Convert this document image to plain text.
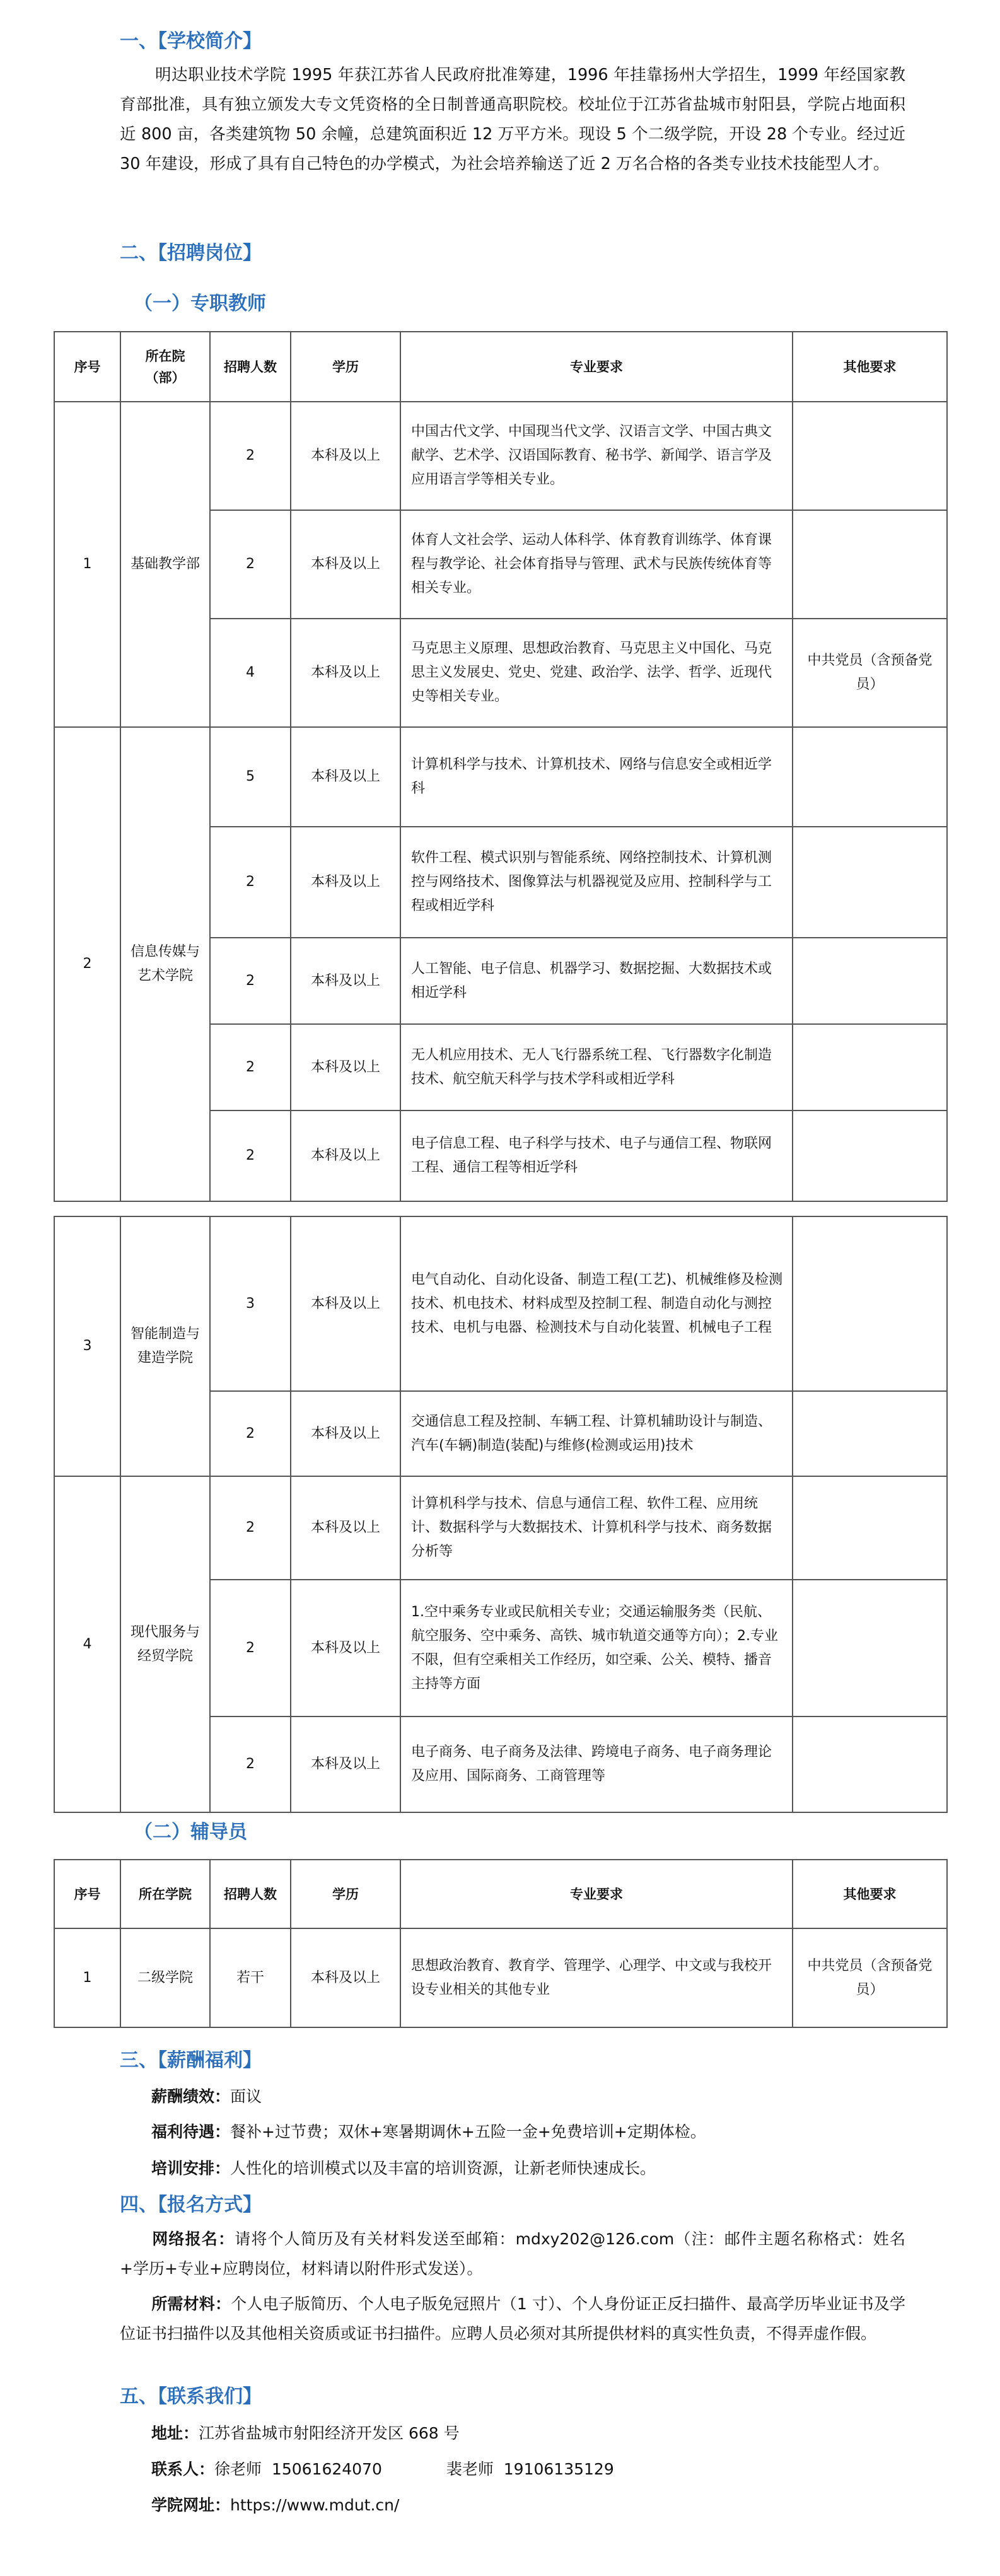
一、【学校简介】

明达职业技术学院 1995 年获江苏省人民政府批准筹建，1996 年挂靠扬州大学招生，1999 年经国家教育部批准，具有独立颁发大专文凭资格的全日制普通高职院校。校址位于江苏省盐城市射阳县，学院占地面积近 800 亩，各类建筑物 50 余幢，总建筑面积近 12 万平方米。现设 5 个二级学院，开设 28 个专业。经过近 30 年建设，形成了具有自己特色的办学模式，为社会培养输送了近 2 万名合格的各类专业技术技能型人才。

二、【招聘岗位】
（一）专职教师
序号	所在院（部）	招聘人数	学历	专业要求	其他要求
1	基础教学部	2	本科及以上	中国古代文学、中国现当代文学、汉语言文学、中国古典文献学、艺术学、汉语国际教育、秘书学、新闻学、语言学及应用语言学等相关专业。	
		2	本科及以上	体育人文社会学、运动人体科学、体育教育训练学、体育课程与教学论、社会体育指导与管理、武术与民族传统体育等相关专业。	
		4	本科及以上	马克思主义原理、思想政治教育、马克思主义中国化、马克思主义发展史、党史、党建、政治学、法学、哲学、近现代史等相关专业。	中共党员（含预备党员）
2	信息传媒与艺术学院	5	本科及以上	计算机科学与技术、计算机技术、网络与信息安全或相近学科	
		2	本科及以上	软件工程、模式识别与智能系统、网络控制技术、计算机测控与网络技术、图像算法与机器视觉及应用、控制科学与工程或相近学科	
		2	本科及以上	人工智能、电子信息、机器学习、数据挖掘、大数据技术或相近学科	
		2	本科及以上	无人机应用技术、无人飞行器系统工程、飞行器数字化制造技术、航空航天科学与技术学科或相近学科	
		2	本科及以上	电子信息工程、电子科学与技术、电子与通信工程、物联网工程、通信工程等相近学科	
3	智能制造与建造学院	3	本科及以上	电气自动化、自动化设备、制造工程(工艺)、机械维修及检测技术、机电技术、材料成型及控制工程、制造自动化与测控技术、电机与电器、检测技术与自动化装置、机械电子工程	
		2	本科及以上	交通信息工程及控制、车辆工程、计算机辅助设计与制造、汽车(车辆)制造(装配)与维修(检测或运用)技术	
4	现代服务与经贸学院	2	本科及以上	计算机科学与技术、信息与通信工程、软件工程、应用统计、数据科学与大数据技术、计算机科学与技术、商务数据分析等	
		2	本科及以上	1.空中乘务专业或民航相关专业；交通运输服务类（民航、航空服务、空中乘务、高铁、城市轨道交通等方向）；2.专业不限，但有空乘相关工作经历，如空乘、公关、模特、播音主持等方面	
		2	本科及以上	电子商务、电子商务及法律、跨境电子商务、电子商务理论及应用、国际商务、工商管理等	
（二）辅导员
序号	所在学院	招聘人数	学历	专业要求	其他要求
1	二级学院	若干	本科及以上	思想政治教育、教育学、管理学、心理学、中文或与我校开设专业相关的其他专业	中共党员（含预备党员）
三、【薪酬福利】

薪酬绩效：面议

福利待遇：餐补+过节费；双休+寒暑期调休+五险一金+免费培训+定期体检。

培训安排：人性化的培训模式以及丰富的培训资源，让新老师快速成长。

四、【报名方式】

网络报名：请将个人简历及有关材料发送至邮箱：mdxy202@126.com（注：邮件主题名称格式：姓名+学历+专业+应聘岗位，材料请以附件形式发送）。

所需材料：个人电子版简历、个人电子版免冠照片（1 寸）、个人身份证正反扫描件、最高学历毕业证书及学位证书扫描件以及其他相关资质或证书扫描件。应聘人员必须对其所提供材料的真实性负责，不得弄虚作假。

五、【联系我们】

地址：江苏省盐城市射阳经济开发区 668 号

联系人：徐老师  15061624070	裴老师  19106135129

学院网址：https://www.mdut.cn/
